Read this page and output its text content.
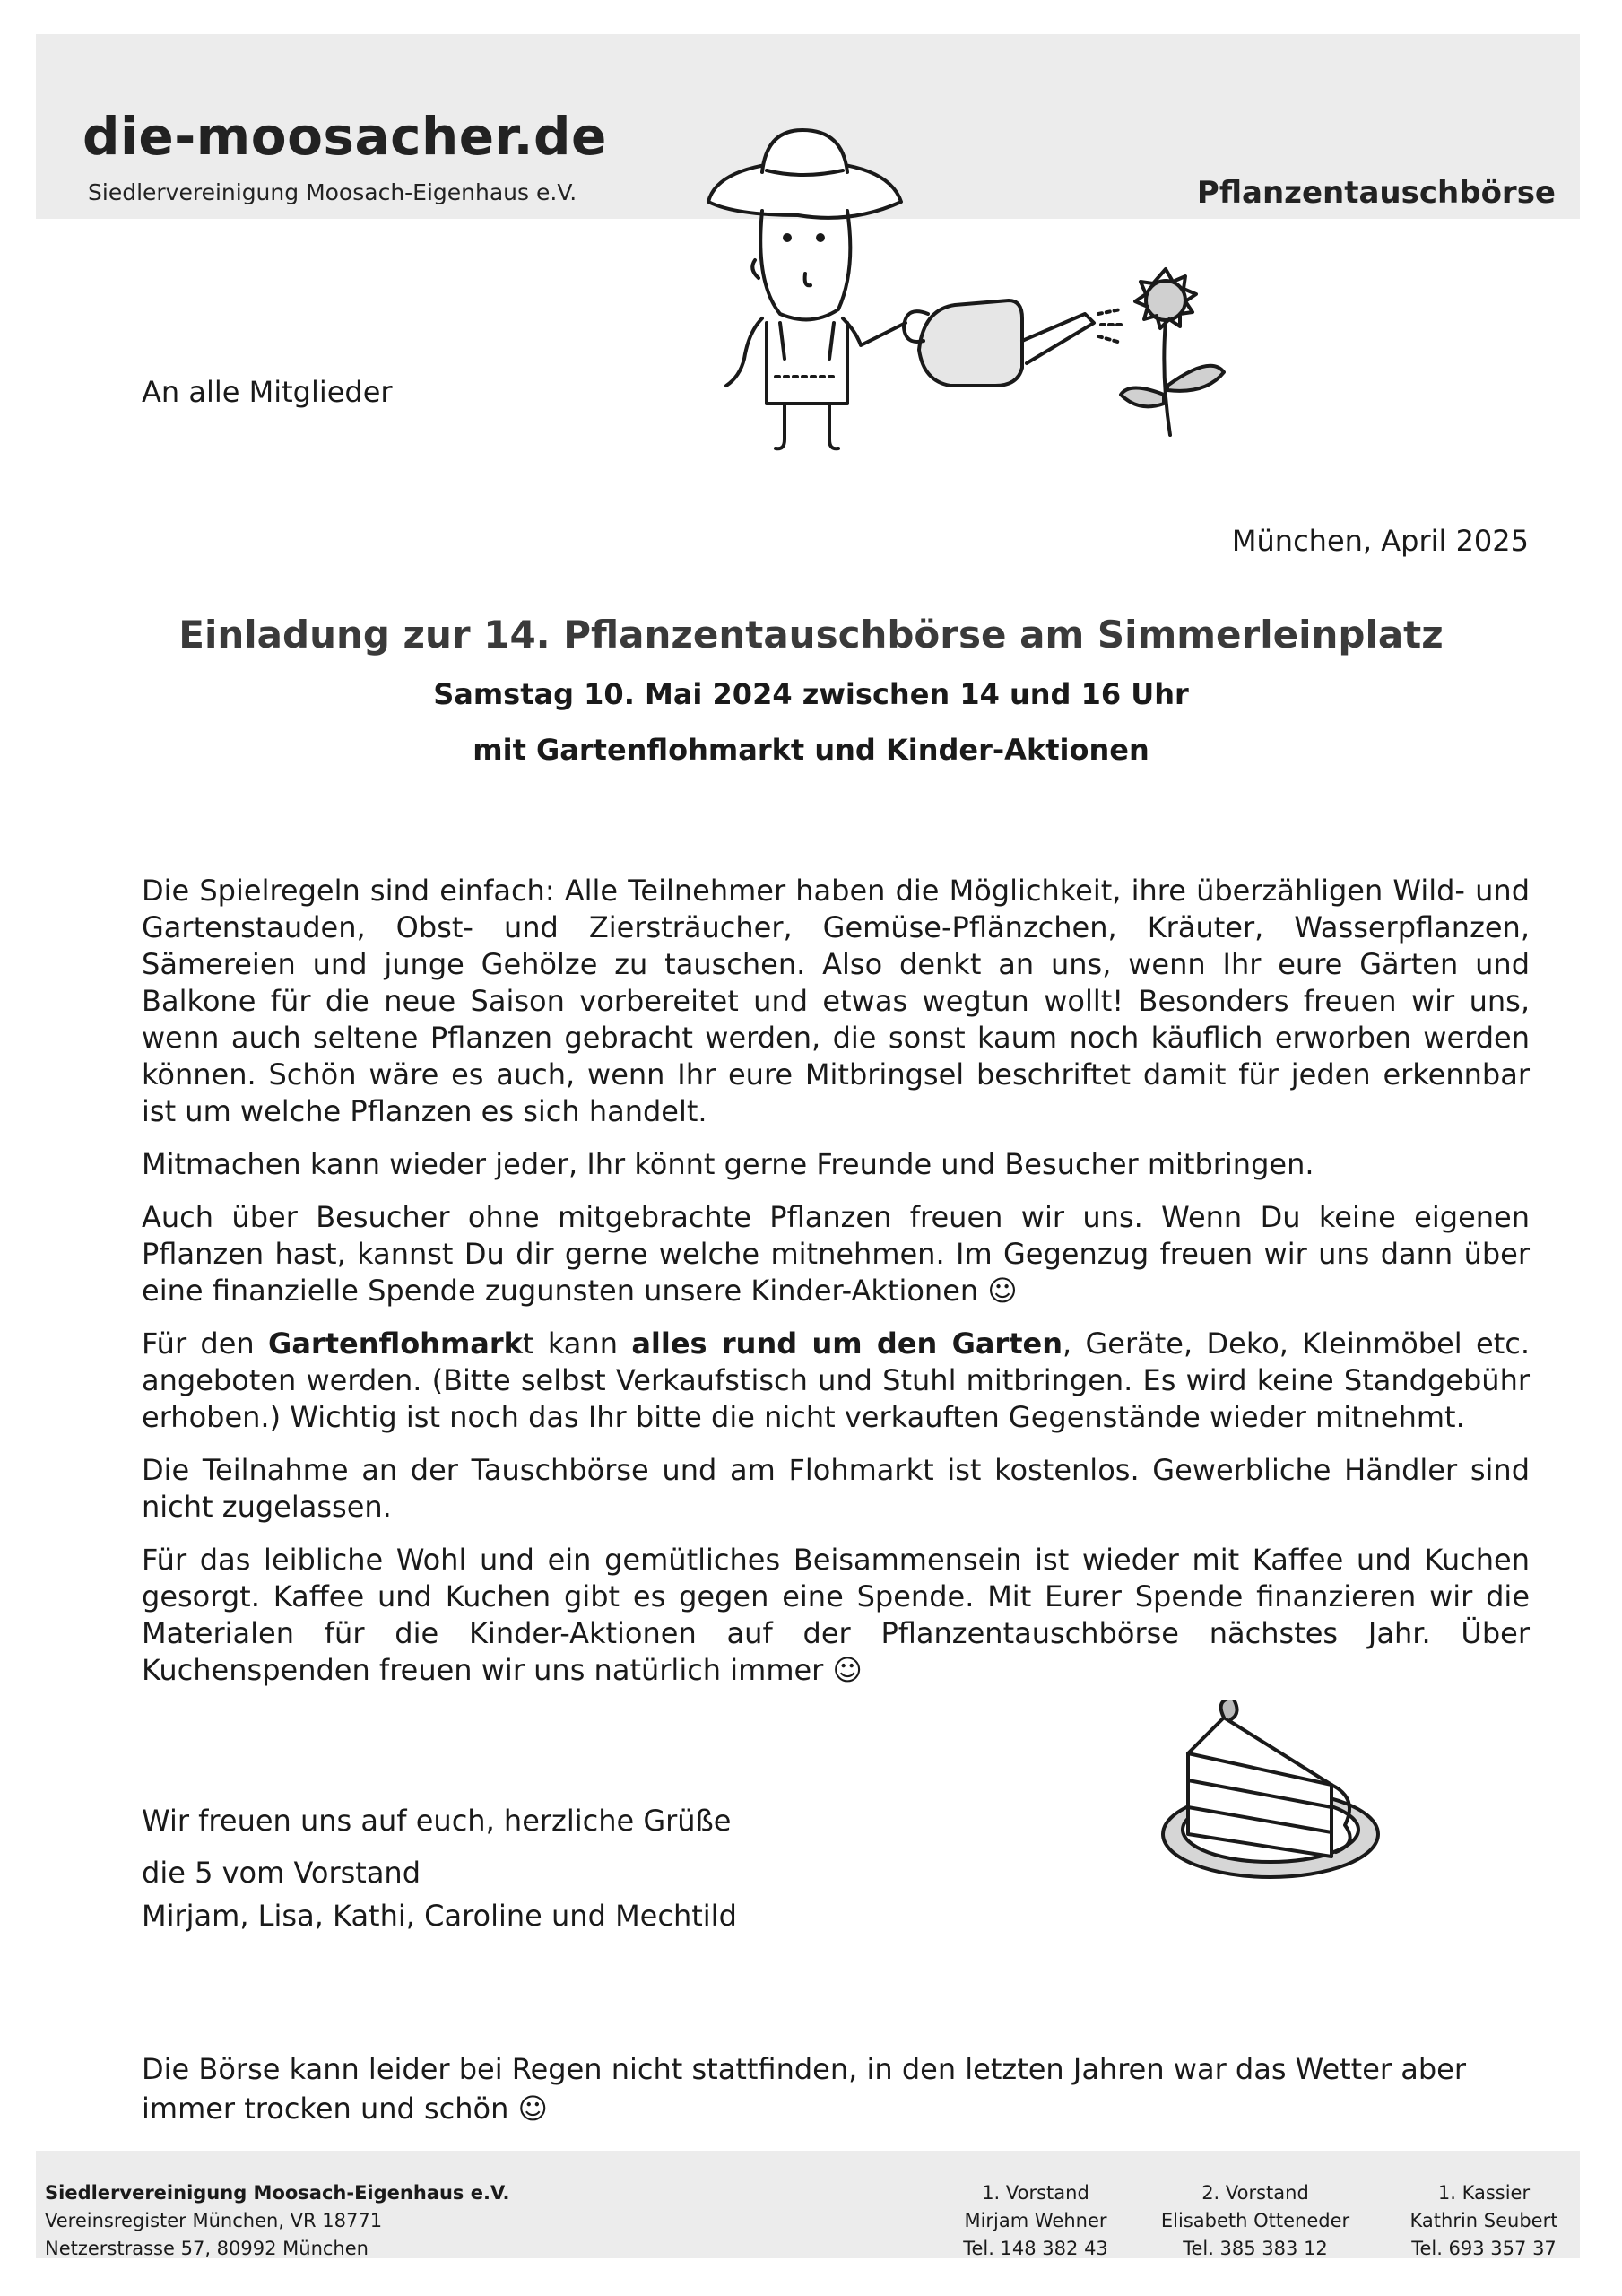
die-moosacher.de
Siedlervereinigung Moosach-Eigenhaus e.V.	Pflanzentauschbörse
An alle Mitglieder
München, April 2025
Einladung zur 14. Pflanzentauschbörse am Simmerleinplatz
Samstag 10. Mai 2024 zwischen 14 und 16 Uhr
mit Gartenflohmarkt und Kinder-Aktionen

Die Spielregeln sind einfach: Alle Teilnehmer haben die Möglichkeit, ihre überzähligen Wild- und Gartenstauden, Obst- und Ziersträucher, Gemüse-Pflänzchen, Kräuter, Wasserpflanzen, Sämereien und junge Gehölze zu tauschen. Also denkt an uns, wenn Ihr eure Gärten und Balkone für die neue Saison vorbereitet und etwas wegtun wollt! Besonders freuen wir uns, wenn auch seltene Pflanzen gebracht werden, die sonst kaum noch käuflich erworben werden können. Schön wäre es auch, wenn Ihr eure Mitbringsel beschriftet damit für jeden erkennbar ist um welche Pflanzen es sich handelt.

Mitmachen kann wieder jeder, Ihr könnt gerne Freunde und Besucher mitbringen.

Auch über Besucher ohne mitgebrachte Pflanzen freuen wir uns. Wenn Du keine eigenen Pflanzen hast, kannst Du dir gerne welche mitnehmen. Im Gegenzug freuen wir uns dann über eine finanzielle Spende zugunsten unsere Kinder-Aktionen ☺

Für den Gartenflohmarkt kann alles rund um den Garten, Geräte, Deko, Kleinmöbel etc. angeboten werden. (Bitte selbst Verkaufstisch und Stuhl mitbringen. Es wird keine Standgebühr erhoben.) Wichtig ist noch das Ihr bitte die nicht verkauften Gegenstände wieder mitnehmt.

Die Teilnahme an der Tauschbörse und am Flohmarkt ist kostenlos. Gewerbliche Händler sind nicht zugelassen.

Für das leibliche Wohl und ein gemütliches Beisammensein ist wieder mit Kaffee und Kuchen gesorgt. Kaffee und Kuchen gibt es gegen eine Spende. Mit Eurer Spende finanzieren wir die Materialen für die Kinder-Aktionen auf der Pflanzentauschbörse nächstes Jahr. Über Kuchenspenden freuen wir uns natürlich immer ☺

Wir freuen uns auf euch, herzliche Grüße
die 5 vom Vorstand
Mirjam, Lisa, Kathi, Caroline und Mechtild
Die Börse kann leider bei Regen nicht stattfinden, in den letzten Jahren war das Wetter aber immer trocken und schön ☺
Siedlervereinigung Moosach-Eigenhaus e.V.
Vereinsregister München, VR 18771
Netzerstrasse 57, 80992 München
1. Vorstand
Mirjam Wehner
Tel. 148 382 43
2. Vorstand
Elisabeth Otteneder
Tel. 385 383 12
1. Kassier
Kathrin Seubert
Tel. 693 357 37
